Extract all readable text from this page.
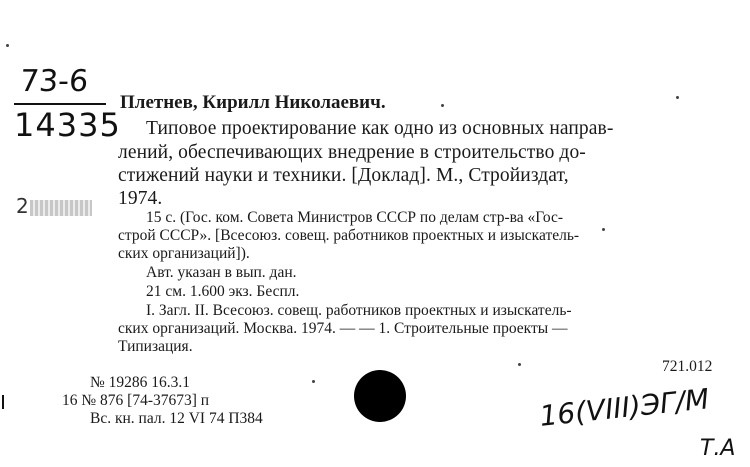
73-6
14335
2
Плетнев, Кирилл Николаевич.
Типовое проектирование как одно из основных направ-
лений, обеспечивающих внедрение в строительство до-
стижений науки и техники. [Доклад]. М., Стройиздат,
1974.
15 с. (Гос. ком. Совета Министров СССР по делам стр-ва «Гос-
строй СССР». [Всесоюз. совещ. работников проектных и изыскатель-
ских организаций]).
Авт. указан в вып. дан.
21 см. 1.600 экз. Беспл.
I. Загл. II. Всесоюз. совещ. работников проектных и изыскатель-
ских организаций. Москва. 1974. — — 1. Строительные проекты —
Типизация.
721.012
№ 19286 16.3.1
16 № 876 [74-37673] п
Вс. кн. пал. 12 VI 74 П384	16(VIII)ЭГ/М
Т.А
